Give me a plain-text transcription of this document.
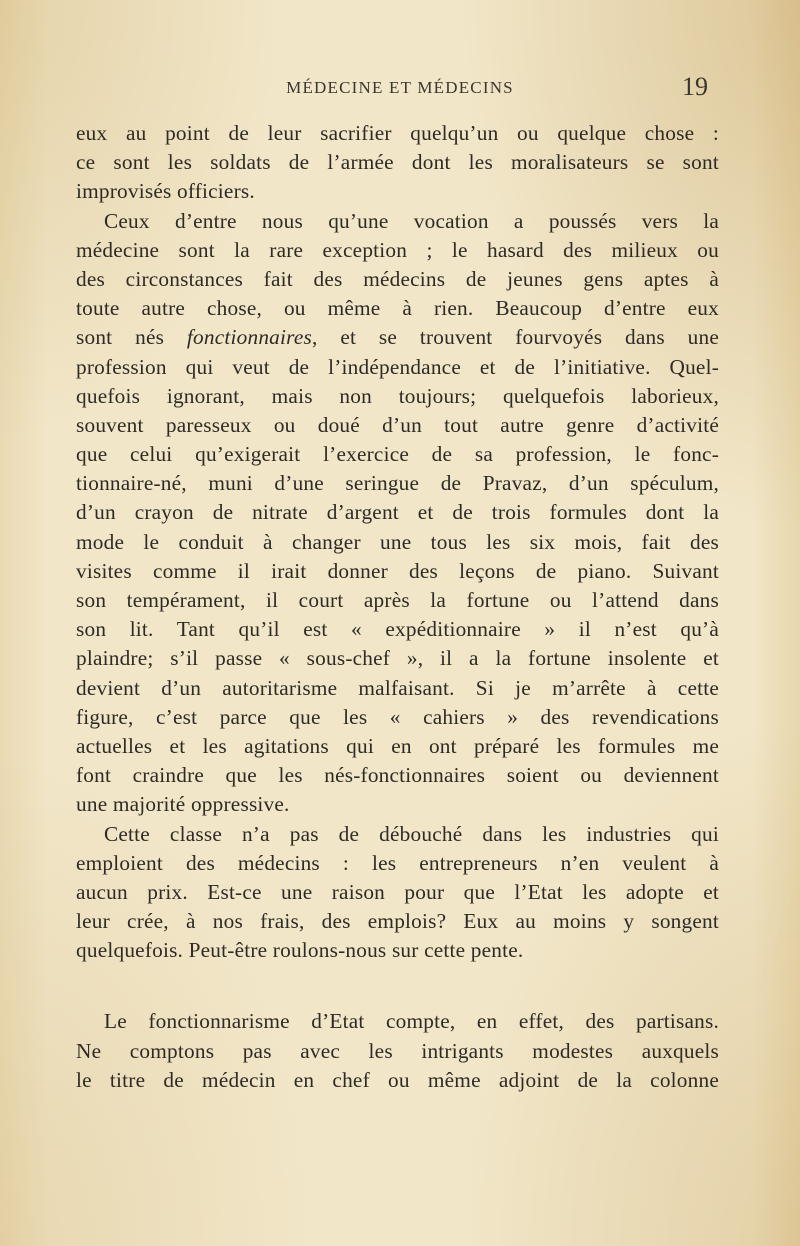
MÉDECINE ET MÉDECINS	19
eux au point de leur sacrifier quelqu’un ou quelque chose :
ce sont les soldats de l’armée dont les moralisateurs se sont
improvisés officiers.
Ceux d’entre nous qu’une vocation a poussés vers la
médecine sont la rare exception ; le hasard des milieux ou
des circonstances fait des médecins de jeunes gens aptes à
toute autre chose, ou même à rien. Beaucoup d’entre eux
sont nés fonctionnaires, et se trouvent fourvoyés dans une
profession qui veut de l’indépendance et de l’initiative. Quel-
quefois ignorant, mais non toujours; quelquefois laborieux,
souvent paresseux ou doué d’un tout autre genre d’activité
que celui qu’exigerait l’exercice de sa profession, le fonc-
tionnaire-né, muni d’une seringue de Pravaz, d’un spéculum,
d’un crayon de nitrate d’argent et de trois formules dont la
mode le conduit à changer une tous les six mois, fait des
visites comme il irait donner des leçons de piano. Suivant
son tempérament, il court après la fortune ou l’attend dans
son lit. Tant qu’il est « expéditionnaire » il n’est qu’à
plaindre; s’il passe « sous-chef », il a la fortune insolente et
devient d’un autoritarisme malfaisant. Si je m’arrête à cette
figure, c’est parce que les « cahiers » des revendications
actuelles et les agitations qui en ont préparé les formules me
font craindre que les nés-fonctionnaires soient ou deviennent
une majorité oppressive.
Cette classe n’a pas de débouché dans les industries qui
emploient des médecins : les entrepreneurs n’en veulent à
aucun prix. Est-ce une raison pour que l’Etat les adopte et
leur crée, à nos frais, des emplois? Eux au moins y songent
quelquefois. Peut-être roulons-nous sur cette pente.
Le fonctionnarisme d’Etat compte, en effet, des partisans.
Ne comptons pas avec les intrigants modestes auxquels
le titre de médecin en chef ou même adjoint de la colonne
